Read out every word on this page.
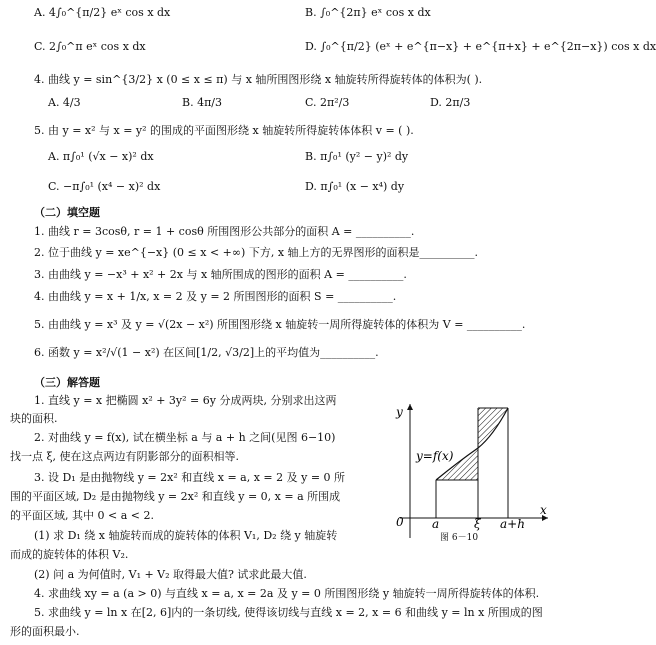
A. 4∫₀^{π/2} eˣ cos x dx	B. ∫₀^{2π} eˣ cos x dx
C. 2∫₀^π eˣ cos x dx	D. ∫₀^{π/2} (eˣ + e^{π−x} + e^{π+x} + e^{2π−x}) cos x dx
4. 曲线 y = sin^{3/2} x (0 ≤ x ≤ π) 与 x 轴所围图形绕 x 轴旋转所得旋转体的体积为( ).
A. 4/3	B. 4π/3	C. 2π²/3	D. 2π/3
5. 由 y = x² 与 x = y² 的围成的平面图形绕 x 轴旋转所得旋转体体积 v = ( ).
A. π∫₀¹ (√x − x)² dx	B. π∫₀¹ (y² − y)² dy
C. −π∫₀¹ (x⁴ − x)² dx	D. π∫₀¹ (x − x⁴) dy
（二）填空题
1. 曲线 r = 3cosθ, r = 1 + cosθ 所围图形公共部分的面积 A = __________.
2. 位于曲线 y = xe^{−x} (0 ≤ x < +∞) 下方, x 轴上方的无界图形的面积是__________.
3. 由曲线 y = −x³ + x² + 2x 与 x 轴所围成的图形的面积 A = __________.
4. 由曲线 y = x + 1/x, x = 2 及 y = 2 所围图形的面积 S = __________.
5. 由曲线 y = x³ 及 y = √(2x − x²) 所围图形绕 x 轴旋转一周所得旋转体的体积为 V = __________.
6. 函数 y = x²/√(1 − x²) 在区间[1/2, √3/2]上的平均值为__________.
（三）解答题
1. 直线 y = x 把椭圆 x² + 3y² = 6y 分成两块, 分别求出这两
块的面积.
2. 对曲线 y = f(x), 试在横坐标 a 与 a + h 之间(见图 6−10)
找一点 ξ, 使在这点两边有阴影部分的面积相等.
3. 设 D₁ 是由抛物线 y = 2x² 和直线 x = a, x = 2 及 y = 0 所
围的平面区域, D₂ 是由抛物线 y = 2x² 和直线 y = 0, x = a 所围成
的平面区域, 其中 0 < a < 2.
(1) 求 D₁ 绕 x 轴旋转而成的旋转体的体积 V₁, D₂ 绕 y 轴旋转
而成的旋转体的体积 V₂.
(2) 问 a 为何值时, V₁ + V₂ 取得最大值? 试求此最大值.
4. 求曲线 xy = a (a > 0) 与直线 x = a, x = 2a 及 y = 0 所围图形绕 y 轴旋转一周所得旋转体的体积.
5. 求曲线 y = ln x 在[2, 6]内的一条切线, 使得该切线与直线 x = 2, x = 6 和曲线 y = ln x 所围成的图
形的面积最小.
y
x
y=f(x)
0 a	ξ a+h
图 6－10
